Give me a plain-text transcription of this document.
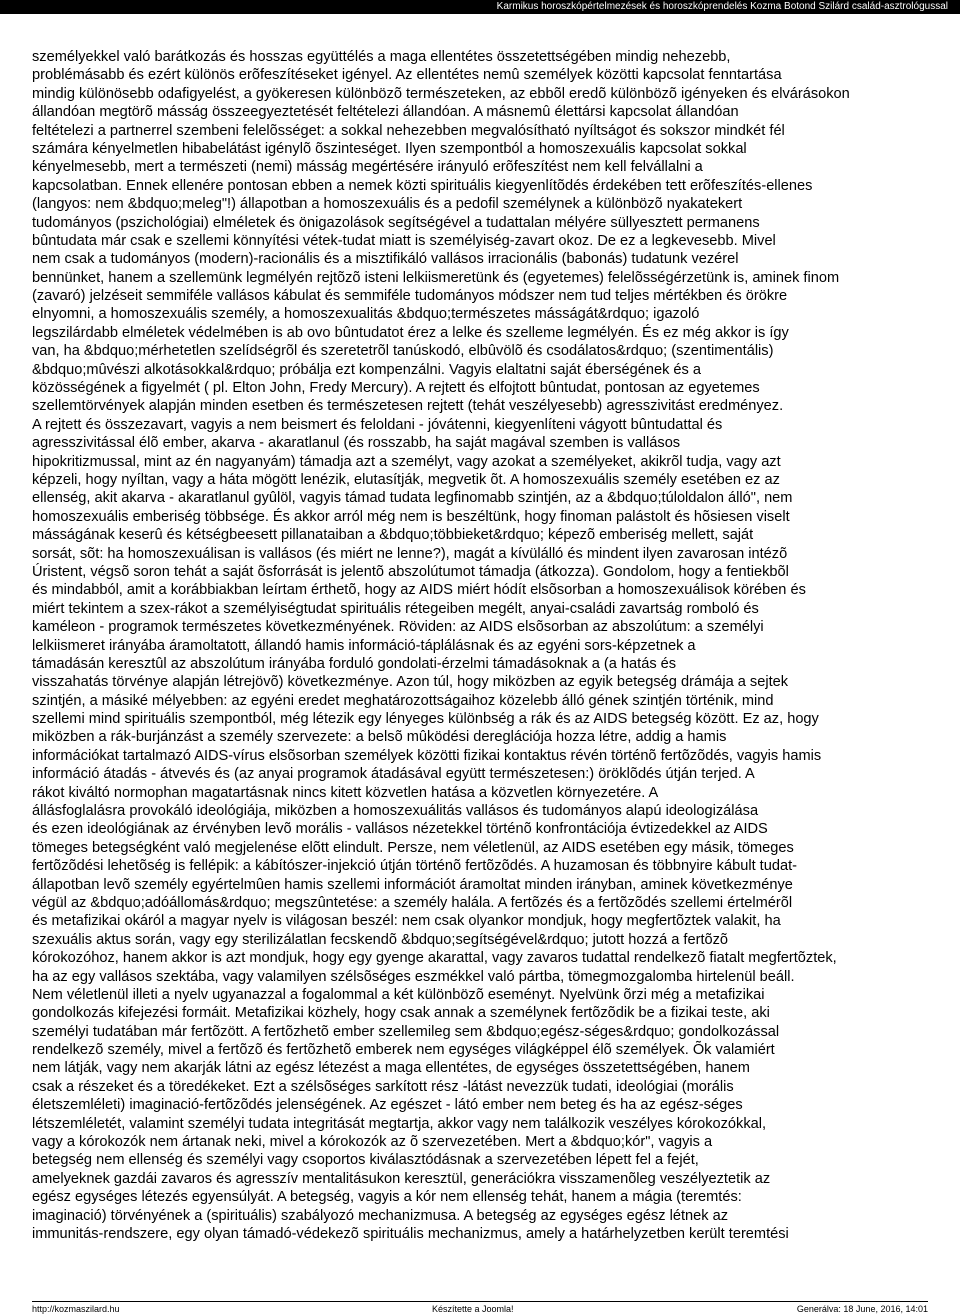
Karmikus horoszkópértelmezések és horoszkóprendelés Kozma Botond Szilárd család-asztrológussal
személyekkel való barátkozás és hosszas együttélés a maga ellentétes összetettségében mindig nehezebb,
problémásabb és ezért különös erõfeszítéseket igényel. Az ellentétes nemû személyek közötti kapcsolat fenntartása
mindig különösebb odafigyelést, a gyökeresen különbözõ természeteken, az ebbõl eredõ különbözõ igényeken és elvárásokon
állandóan megtörõ másság összeegyeztetését feltételezi állandóan. A másnemû élettársi kapcsolat állandóan
feltételezi a partnerrel szembeni felelõsséget: a sokkal nehezebben megvalósítható nyíltságot és sokszor mindkét fél
számára kényelmetlen hibabelátást igénylõ õszinteséget. Ilyen szempontból a homoszexuális kapcsolat sokkal
kényelmesebb, mert a természeti (nemi) másság megértésére irányuló erõfeszítést nem kell felvállalni a
kapcsolatban. Ennek ellenére pontosan ebben a nemek közti spirituális kiegyenlítõdés érdekében tett erõfeszítés-ellenes
(langyos: nem &bdquo;meleg"!) állapotban a homoszexuális és a pedofil személynek a különbözõ nyakatekert
tudományos (pszichológiai) elméletek és önigazolások segítségével a tudattalan mélyére süllyesztett permanens
bûntudata már csak e szellemi könnyítési vétek-tudat miatt is személyiség-zavart okoz. De ez a legkevesebb. Mivel
nem csak a tudományos (modern)-racionális és a misztifikáló vallásos irracionális (babonás) tudatunk vezérel
bennünket, hanem a szellemünk legmélyén rejtõzõ isteni lelkiismeretünk és (egyetemes) felelõsségérzetünk is, aminek finom
(zavaró) jelzéseit semmiféle vallásos kábulat és semmiféle tudományos módszer nem tud teljes mértékben és örökre
elnyomni, a homoszexuális személy, a homoszexualitás &bdquo;természetes másságát&rdquo; igazoló
legszilárdabb elméletek védelmében is ab ovo bûntudatot érez a lelke és szelleme legmélyén. És ez még akkor is így
van, ha &bdquo;mérhetetlen szelídségrõl és szeretetrõl tanúskodó, elbûvölõ és csodálatos&rdquo; (szentimentális)
&bdquo;mûvészi alkotásokkal&rdquo; próbálja ezt kompenzálni. Vagyis elaltatni saját éberségének és a
közösségének a figyelmét ( pl. Elton John, Fredy Mercury). A rejtett és elfojtott bûntudat, pontosan az egyetemes
szellemtörvények alapján minden esetben és természetesen rejtett (tehát veszélyesebb) agresszivitást eredményez.
A rejtett és összezavart, vagyis a nem beismert és feloldani - jóvátenni, kiegyenlíteni vágyott bûntudattal és
agresszivitással élõ ember, akarva - akaratlanul (és rosszabb, ha saját magával szemben is vallásos
hipokritizmussal, mint az én nagyanyám) támadja azt a személyt, vagy azokat a személyeket, akikrõl tudja, vagy azt
képzeli, hogy nyíltan, vagy a háta mögött lenézik, elutasítják, megvetik õt. A homoszexuális személy esetében ez az
ellenség, akit akarva - akaratlanul gyûlöl, vagyis támad tudata legfinomabb szintjén, az a &bdquo;túloldalon álló", nem
homoszexuális emberiség többsége. És akkor arról még nem is beszéltünk, hogy finoman palástolt és hõsiesen viselt
másságának keserû és kétségbeesett pillanataiban a &bdquo;többieket&rdquo; képezõ emberiség mellett, saját
sorsát, sõt: ha homoszexuálisan is vallásos (és miért ne lenne?), magát a kívülálló és mindent ilyen zavarosan intézõ
Úristent, végsõ soron tehát a saját õsforrását is jelentõ abszolútumot támadja (átkozza). Gondolom, hogy a fentiekbõl
és mindabból, amit a korábbiakban leírtam érthetõ, hogy az AIDS miért hódít elsõsorban a homoszexuálisok körében és
miért tekintem a szex-rákot a személyiségtudat spirituális rétegeiben megélt, anyai-családi zavartság romboló és
kaméleon - programok természetes következményének. Röviden: az AIDS elsõsorban az abszolútum: a személyi
lelkiismeret irányába áramoltatott, állandó hamis információ-táplálásnak és az egyéni sors-képzetnek a
támadásán keresztûl az abszolútum irányába forduló gondolati-érzelmi támadásoknak a (a hatás és
visszahatás törvénye alapján létrejövõ) következménye. Azon túl, hogy miközben az egyik betegség drámája a sejtek
szintjén, a másiké mélyebben: az egyéni eredet meghatározottságaihoz közelebb álló gének szintjén történik, mind
szellemi mind spirituális szempontból, még létezik egy lényeges különbség a rák és az AIDS betegség között. Ez az, hogy
miközben a rák-burjánzást a személy szervezete: a belsõ mûködési dereglációja hozza létre, addig a hamis
információkat tartalmazó AIDS-vírus elsõsorban személyek közötti fizikai kontaktus révén történõ fertõzõdés, vagyis hamis
információ átadás - átvevés és (az anyai programok átadásával együtt természetesen:) öröklõdés útján terjed. A
rákot kiváltó normophan magatartásnak nincs kitett közvetlen hatása a közvetlen környezetére. A
állásfoglalásra provokáló ideológiája, miközben a homoszexuálitás vallásos és tudományos alapú ideologizálása
és ezen ideológiának az érvényben levõ morális - vallásos nézetekkel történõ konfrontációja évtizedekkel az AIDS
tömeges betegségként való megjelenése elõtt elindult. Persze, nem véletlenül, az AIDS esetében egy másik, tömeges
fertõzõdési lehetõség is fellépik: a kábítószer-injekció útján történõ fertõzõdés. A huzamosan és többnyire kábult tudat-
állapotban levõ személy egyértelmûen hamis szellemi információt áramoltat minden irányban, aminek következménye
végül az &bdquo;adóállomás&rdquo; megszûntetése: a személy halála. A fertõzés és a fertõzõdés szellemi értelmérõl
és metafizikai okáról a magyar nyelv is világosan beszél: nem csak olyankor mondjuk, hogy megfertõztek valakit, ha
szexuális aktus során, vagy egy sterilizálatlan fecskendõ &bdquo;segítségével&rdquo; jutott hozzá a fertõzõ
kórokozóhoz, hanem akkor is azt mondjuk, hogy egy gyenge akarattal, vagy zavaros tudattal rendelkezõ fiatalt megfertõztek,
ha az egy vallásos szektába, vagy valamilyen szélsõséges eszmékkel való pártba, tömegmozgalomba hirtelenül beáll.
Nem véletlenül illeti a nyelv ugyanazzal a fogalommal a két különbözõ eseményt. Nyelvünk õrzi még a metafizikai
gondolkozás kifejezési formáit. Metafizikai közhely, hogy csak annak a személynek fertõzõdik be a fizikai teste, aki
személyi tudatában már fertõzött. A fertõzhetõ ember szellemileg sem &bdquo;egész-séges&rdquo; gondolkozással
rendelkezõ személy, mivel a fertõzõ és fertõzhetõ emberek nem egységes világképpel élõ személyek. Õk valamiért
nem látják, vagy nem akarják látni az egész létezést a maga ellentétes, de egységes összetettségében, hanem
csak a részeket és a töredékeket. Ezt a szélsõséges sarkított rész -látást nevezzük tudati, ideológiai (morális
életszemléleti) imaginació-fertõzõdés jelenségének. Az egészet - látó ember nem beteg és ha az egész-séges
létszemléletét, valamint személyi tudata integritását megtartja, akkor vagy nem találkozik veszélyes kórokozókkal,
vagy a kórokozók nem ártanak neki, mivel a kórokozók az õ szervezetében. Mert a &bdquo;kór", vagyis a
betegség nem ellenség és személyi vagy csoportos kiválasztódásnak a szervezetében lépett fel a fejét,
amelyeknek gazdái zavaros és agresszív mentalitásukon keresztül, generációkra visszamenõleg veszélyeztetik az
egész egységes létezés egyensúlyát. A betegség, vagyis a kór nem ellenség tehát, hanem a mágia (teremtés:
imaginació) törvényének a (spirituális) szabályozó mechanizmusa. A betegség az egységes egész létnek az
immunitás-rendszere, egy olyan támadó-védekezõ spirituális mechanizmus, amely a határhelyzetben került teremtési
http://kozmaszilard.hu	Készítette a Joomla!	Generálva: 18 June, 2016, 14:01
